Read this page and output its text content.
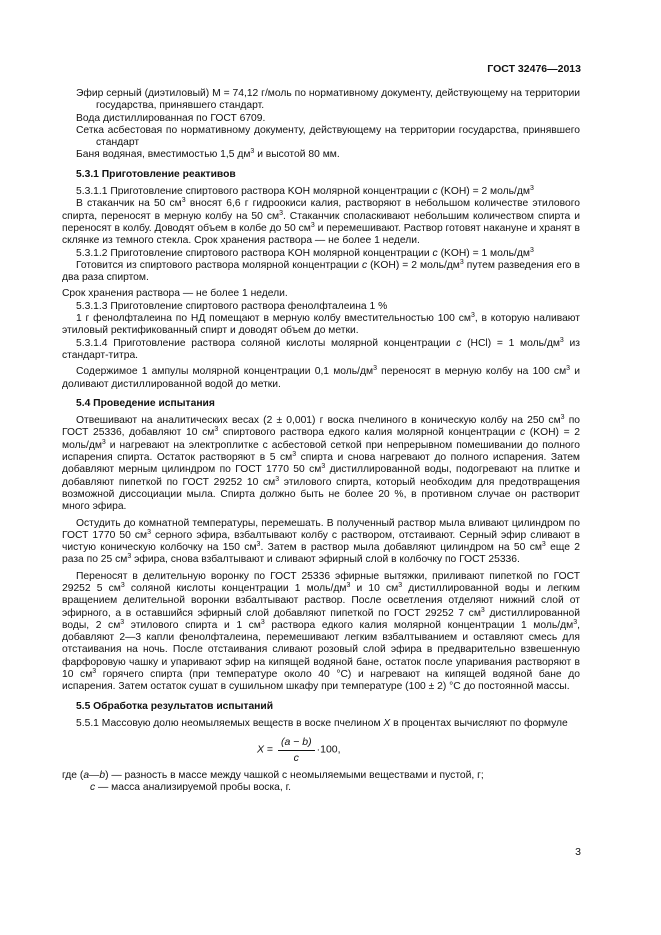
ГОСТ 32476—2013

Эфир серный (диэтиловый) M = 74,12 г/моль по нормативному документу, действующему на территории государства, принявшего стандарт.

Вода дистиллированная по ГОСТ 6709.

Сетка асбестовая по нормативному документу, действующему на территории государства, принявшего стандарт

Баня водяная, вместимостью 1,5 $дм^3$ и высотой 80 мм.

5.3.1 Приготовление реактивов

5.3.1.1 Приготовление спиртового раствора KOH молярной концентрации c (KOH) = 2 моль/$дм^3$

В стаканчик на 50 $см^3$ вносят 6,6 г гидроокиси калия, растворяют в небольшом количестве этилового спирта, переносят в мерную колбу на 50 $см^3$. Стаканчик споласкивают небольшим количеством спирта и переносят в колбу. Доводят объем в колбе до 50 $см^3$ и перемешивают. Раствор готовят накануне и хранят в склянке из темного стекла. Срок хранения раствора — не более 1 недели.

5.3.1.2 Приготовление спиртового раствора KOH молярной концентрации c (KOH) = 1 моль/$дм^3$

Готовится из спиртового раствора молярной концентрации c (KOH) = 2 моль/$дм^3$ путем разведения его в два раза спиртом.

Срок хранения раствора — не более 1 недели.

5.3.1.3 Приготовление спиртового раствора фенолфталеина 1 %

1 г фенолфталеина по НД помещают в мерную колбу вместительностью 100 $см^3$, в которую наливают этиловый ректификованный спирт и доводят объем до метки.

5.3.1.4 Приготовление раствора соляной кислоты молярной концентрации c (HCl) = 1 моль/$дм^3$ из стандарт-титра.

Содержимое 1 ампулы молярной концентрации 0,1 моль/$дм^3$ переносят в мерную колбу на 100 $см^3$ и доливают дистиллированной водой до метки.

5.4 Проведение испытания

Отвешивают на аналитических весах (2 ± 0,001) г воска пчелиного в коническую колбу на 250 $см^3$ по ГОСТ 25336, добавляют 10 $см^3$ спиртового раствора едкого калия молярной концентрации c (KOH) = 2 моль/$дм^3$ и нагревают на электроплитке с асбестовой сеткой при непрерывном помешивании до полного испарения спирта. Остаток растворяют в 5 $см^3$ спирта и снова нагревают до полного испарения. Затем добавляют мерным цилиндром по ГОСТ 1770 50 $см^3$ дистиллированной воды, подогревают на плитке и добавляют пипеткой по ГОСТ 29252 10 $см^3$ этилового спирта, который необходим для предотвращения возможной диссоциации мыла. Спирта должно быть не более 20 %, в противном случае он растворит много эфира.

Остудить до комнатной температуры, перемешать. В полученный раствор мыла вливают цилиндром по ГОСТ 1770 50 $см^3$ серного эфира, взбалтывают колбу с раствором, отстаивают. Серный эфир сливают в чистую коническую колбочку на 150 $см^3$. Затем в раствор мыла добавляют цилиндром на 50 $см^3$ еще 2 раза по 25 $см^3$ эфира, снова взбалтывают и сливают эфирный слой в колбочку по ГОСТ 25336.

Переносят в делительную воронку по ГОСТ 25336 эфирные вытяжки, приливают пипеткой по ГОСТ 29252 5 $см^3$ соляной кислоты концентрации 1 моль/$дм^3$ и 10 $см^3$ дистиллированной воды и легким вращением делительной воронки взбалтывают раствор. После осветления отделяют нижний слой от эфирного, а в оставшийся эфирный слой добавляют пипеткой по ГОСТ 29252 7 $см^3$ дистиллированной воды, 2 $см^3$ этилового спирта и 1 $см^3$ раствора едкого калия молярной концентрации 1 моль/$дм^3$, добавляют 2—3 капли фенолфталеина, перемешивают легким взбалтыванием и оставляют смесь для отстаивания на ночь. После отстаивания сливают розовый слой эфира в предварительно взвешенную фарфоровую чашку и упаривают эфир на кипящей водяной бане, остаток после упаривания растворяют в 10 $см^3$ горячего спирта (при температуре около 40 °C) и нагревают на кипящей водяной бане до испарения. Затем остаток сушат в сушильном шкафу при температуре (100 ± 2) °C до постоянной массы.

5.5 Обработка результатов испытаний

5.5.1 Массовую долю неомыляемых веществ в воске пчелином X в процентах вычисляют по формуле

$X = \frac{(a - b)}{c} \cdot 100$,

где (a—b) — разность в массе между чашкой с неомыляемыми веществами и пустой, г;

c — масса анализируемой пробы воска, г.

3
